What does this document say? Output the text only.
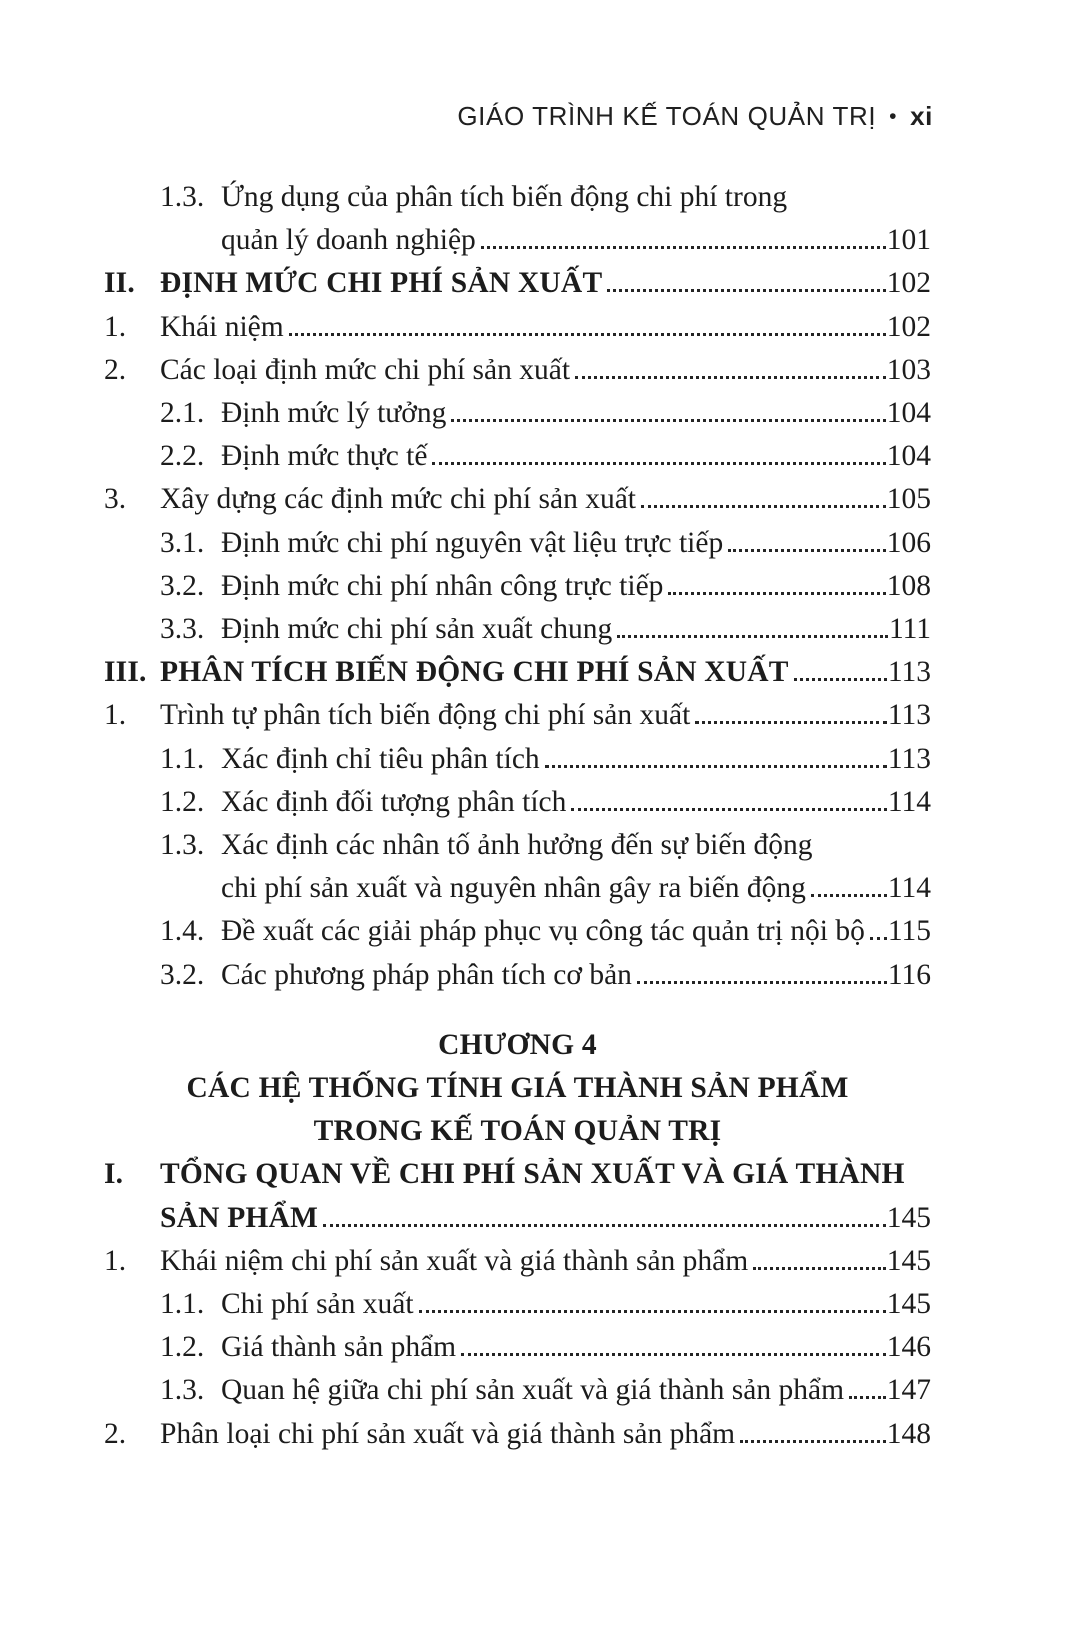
GIÁO TRÌNH KẾ TOÁN QUẢN TRỊ • xi
1.3. Ứng dụng của phân tích biến động chi phí trong
quản lý doanh nghiệp	101
II. ĐỊNH MỨC CHI PHÍ SẢN XUẤT	102
1.	Khái niệm	102
2.	Các loại định mức chi phí sản xuất	103
2.1. Định mức lý tưởng	104
2.2. Định mức thực tế	104
3.	Xây dựng các định mức chi phí sản xuất	105
3.1. Định mức chi phí nguyên vật liệu trực tiếp	106
3.2. Định mức chi phí nhân công trực tiếp	108
3.3. Định mức chi phí sản xuất chung	111
III. PHÂN TÍCH BIẾN ĐỘNG CHI PHÍ SẢN XUẤT	113
1.	Trình tự phân tích biến động chi phí sản xuất	113
1.1. Xác định chỉ tiêu phân tích	113
1.2. Xác định đối tượng phân tích	114
1.3. Xác định các nhân tố ảnh hưởng đến sự biến động
chi phí sản xuất và nguyên nhân gây ra biến động	114
1.4. Đề xuất các giải pháp phục vụ công tác quản trị nội bộ 115
3.2. Các phương pháp phân tích cơ bản	116
CHƯƠNG 4
CÁC HỆ THỐNG TÍNH GIÁ THÀNH SẢN PHẨM
TRONG KẾ TOÁN QUẢN TRỊ
I.	TỔNG QUAN VỀ CHI PHÍ SẢN XUẤT VÀ GIÁ THÀNH
SẢN PHẨM	145
1.	Khái niệm chi phí sản xuất và giá thành sản phẩm	145
1.1. Chi phí sản xuất	145
1.2. Giá thành sản phẩm	146
1.3. Quan hệ giữa chi phí sản xuất và giá thành sản phẩm 147
2.	Phân loại chi phí sản xuất và giá thành sản phẩm	148
